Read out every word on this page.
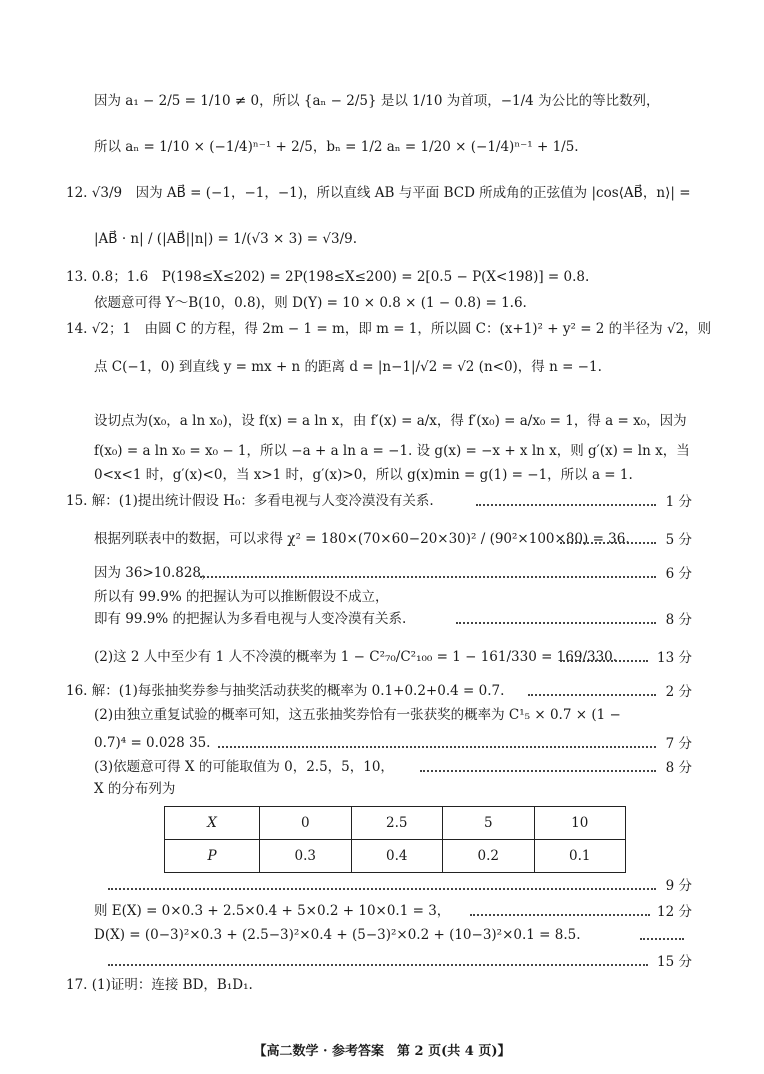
因为 a₁ − 2/5 = 1/10 ≠ 0，所以 {aₙ − 2/5} 是以 1/10 为首项，−1/4 为公比的等比数列，
所以 aₙ = 1/10 × (−1/4)ⁿ⁻¹ + 2/5，bₙ = 1/2 aₙ = 1/20 × (−1/4)ⁿ⁻¹ + 1/5.
12. √3/9　因为 AB⃗ = (−1，−1，−1)，所以直线 AB 与平面 BCD 所成角的正弦值为 |cos⟨AB⃗，n⟩| =
|AB⃗ · n| / (|AB⃗||n|) = 1/(√3 × 3) = √3/9.
13. 0.8；1.6　P(198≤X≤202) = 2P(198≤X≤200) = 2[0.5 − P(X<198)] = 0.8.
依题意可得 Y～B(10，0.8)，则 D(Y) = 10 × 0.8 × (1 − 0.8) = 1.6.
14. √2；1　由圆 C 的方程，得 2m − 1 = m，即 m = 1，所以圆 C：(x+1)² + y² = 2 的半径为 √2，则
点 C(−1，0) 到直线 y = mx + n 的距离 d = |n−1|/√2 = √2 (n<0)，得 n = −1.
设切点为(x₀，a ln x₀)，设 f(x) = a ln x，由 f′(x) = a/x，得 f′(x₀) = a/x₀ = 1，得 a = x₀，因为
f(x₀) = a ln x₀ = x₀ − 1，所以 −a + a ln a = −1. 设 g(x) = −x + x ln x，则 g′(x) = ln x，当
0<x<1 时，g′(x)<0，当 x>1 时，g′(x)>0，所以 g(x)min = g(1) = −1，所以 a = 1.
15. 解：(1)提出统计假设 H₀：多看电视与人变冷漠没有关系.	1 分
根据列联表中的数据，可以求得 χ² = 180×(70×60−20×30)² / (90²×100×80) = 36.	5 分
因为 36>10.828，	6 分
所以有 99.9% 的把握认为可以推断假设不成立，
即有 99.9% 的把握认为多看电视与人变冷漠有关系.	8 分
(2)这 2 人中至少有 1 人不冷漠的概率为 1 − C²₇₀/C²₁₀₀ = 1 − 161/330 = 169/330.	13 分
16. 解：(1)每张抽奖券参与抽奖活动获奖的概率为 0.1+0.2+0.4 = 0.7.	2 分
(2)由独立重复试验的概率可知，这五张抽奖券恰有一张获奖的概率为 C¹₅ × 0.7 × (1 −
0.7)⁴ = 0.028 35.	7 分
(3)依题意可得 X 的可能取值为 0，2.5，5，10，	8 分
X 的分布列为
X	0	2.5	5	10
P	0.3	0.4	0.2	0.1
9 分
则 E(X) = 0×0.3 + 2.5×0.4 + 5×0.2 + 10×0.1 = 3，	12 分
D(X) = (0−3)²×0.3 + (2.5−3)²×0.4 + (5−3)²×0.2 + (10−3)²×0.1 = 8.5.
15 分
17. (1)证明：连接 BD，B₁D₁.
【高二数学 · 参考答案　第 2 页(共 4 页)】
